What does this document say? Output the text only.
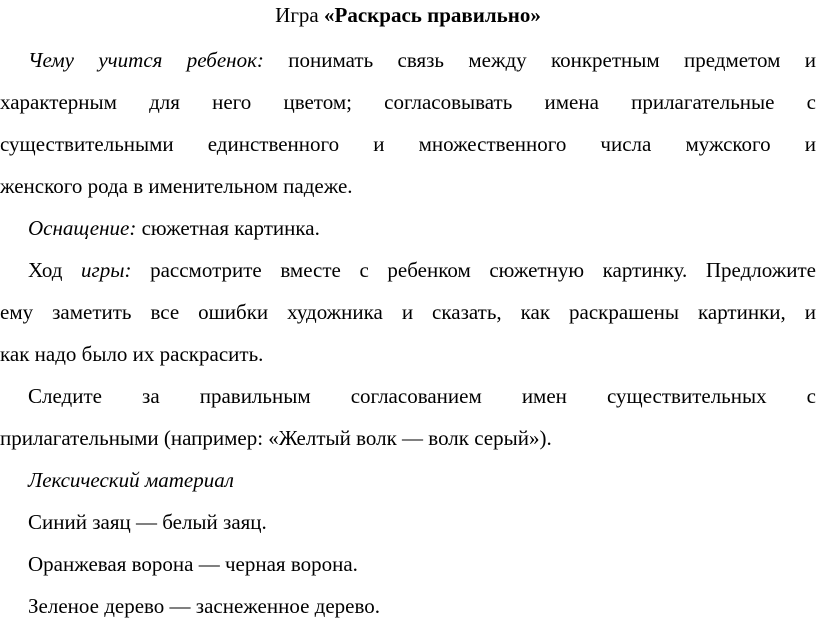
Игра «Раскрась правильно»
Чему учится ребенок: понимать связь между конкретным предметом и
характерным для него цветом; согласовывать имена прилагательные с
существительными единственного и множественного числа мужского и
женского рода в именительном падеже.
Оснащение: сюжетная картинка.
Ход игры: рассмотрите вместе с ребенком сюжетную картинку. Предложите
ему заметить все ошибки художника и сказать, как раскрашены картинки, и
как надо было их раскрасить.
Следите за правильным согласованием имен существительных с
прилагательными (например: «Желтый волк — волк серый»).
Лексический материал
Синий заяц — белый заяц.
Оранжевая ворона — черная ворона.
Зеленое дерево — заснеженное дерево.
